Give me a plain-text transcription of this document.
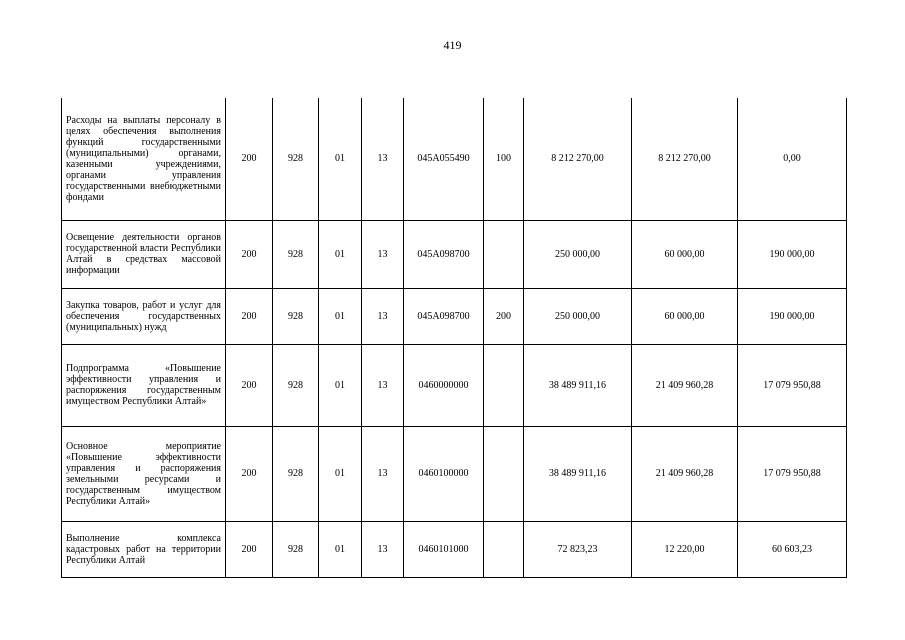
419
Расходы на выплаты персоналу в целях обеспечения выполнения функций государственными (муниципальными) органами, казенными учреждениями, органами управления государственными внебюджетными фондами	200	928	01	13	045A055490	100	8 212 270,00	8 212 270,00	0,00
Освещение деятельности органов государственной власти Республики Алтай в средствах массовой информации	200	928	01	13	045A098700		250 000,00	60 000,00	190 000,00
Закупка товаров, работ и услуг для обеспечения государственных (муниципальных) нужд	200	928	01	13	045A098700	200	250 000,00	60 000,00	190 000,00
Подпрограмма «Повышение эффективности управления и распоряжения государственным имуществом Республики Алтай»	200	928	01	13	0460000000		38 489 911,16	21 409 960,28	17 079 950,88
Основное мероприятие «Повышение эффективности управления и распоряжения земельными ресурсами и государственным имуществом Республики Алтай»	200	928	01	13	0460100000		38 489 911,16	21 409 960,28	17 079 950,88
Выполнение комплекса кадастровых работ на территории Республики Алтай	200	928	01	13	0460101000		72 823,23	12 220,00	60 603,23
